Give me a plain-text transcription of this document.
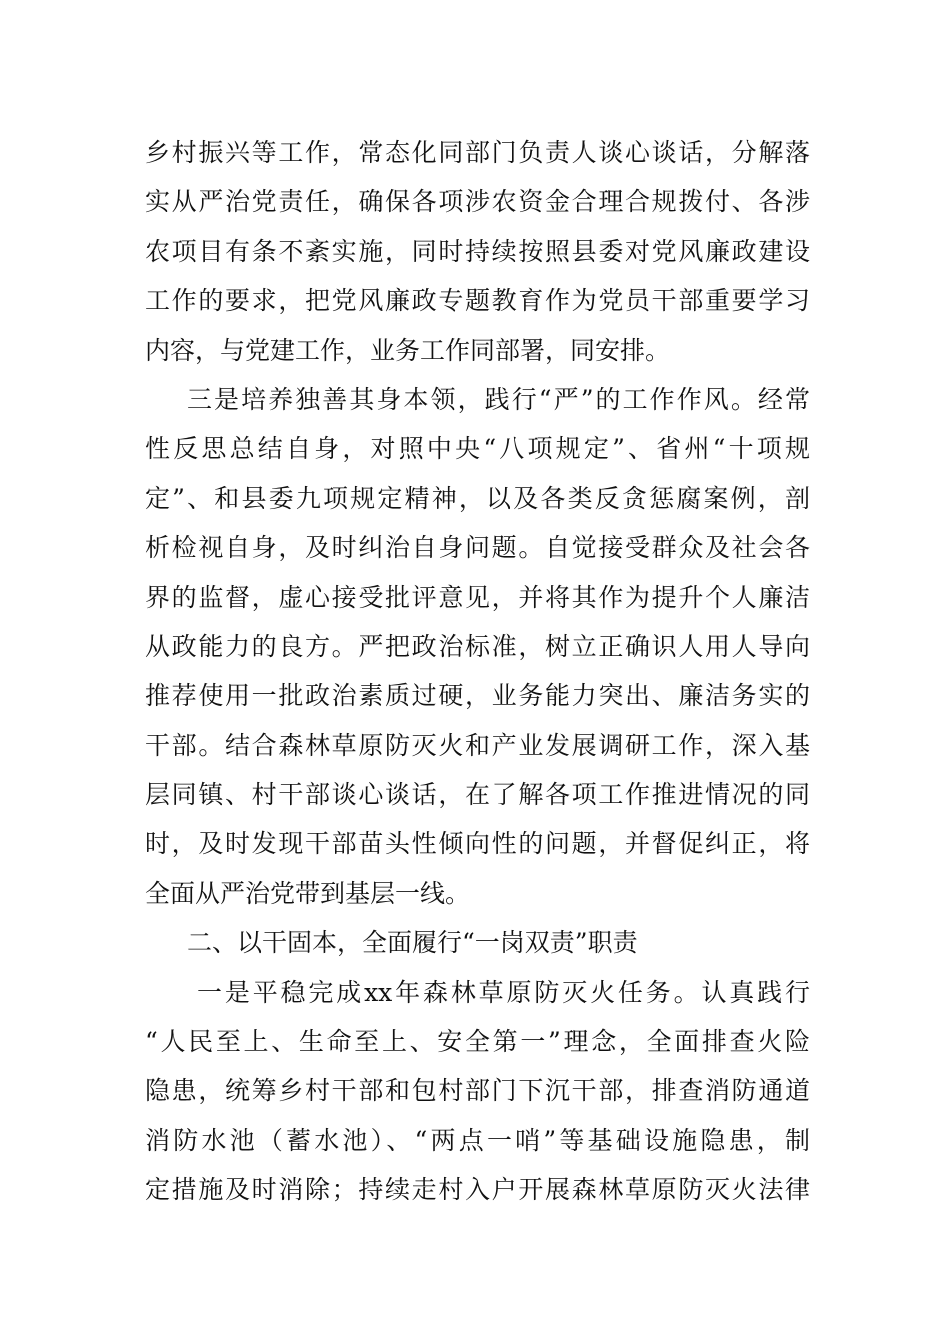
乡村振兴等工作，常态化同部门负责人谈心谈话，分解落
实从严治党责任，确保各项涉农资金合理合规拨付、各涉
农项目有条不紊实施，同时持续按照县委对党风廉政建设
工作的要求，把党风廉政专题教育作为党员干部重要学习
内容，与党建工作，业务工作同部署，同安排。
三是培养独善其身本领，践行“严”的工作作风。经常
性反思总结自身，对照中央“八项规定”、省州“十项规
定”、和县委九项规定精神，以及各类反贪惩腐案例，剖
析检视自身，及时纠治自身问题。自觉接受群众及社会各
界的监督，虚心接受批评意见，并将其作为提升个人廉洁
从政能力的良方。严把政治标准，树立正确识人用人导向
推荐使用一批政治素质过硬，业务能力突出、廉洁务实的
干部。结合森林草原防灭火和产业发展调研工作，深入基
层同镇、村干部谈心谈话，在了解各项工作推进情况的同
时，及时发现干部苗头性倾向性的问题，并督促纠正，将
全面从严治党带到基层一线。
二、以干固本，全面履行“一岗双责”职责
一是平稳完成xx年森林草原防灭火任务。认真践行
“人民至上、生命至上、安全第一”理念，全面排查火险
隐患，统筹乡村干部和包村部门下沉干部，排查消防通道
消防水池（蓄水池）、“两点一哨”等基础设施隐患，制
定措施及时消除；持续走村入户开展森林草原防灭火法律
